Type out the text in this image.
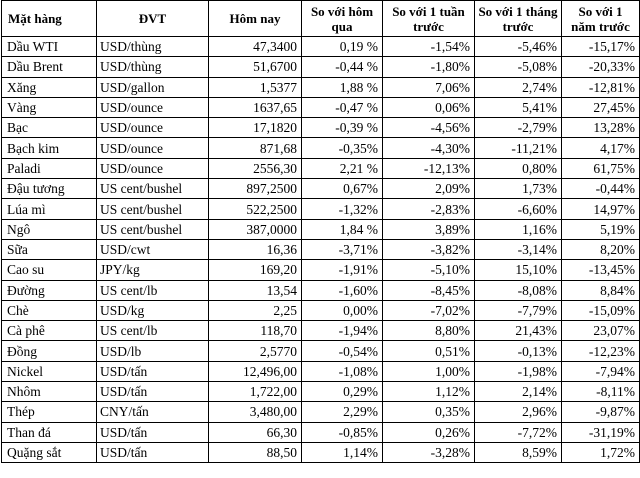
Mặt hàng	ĐVT	Hôm nay	So với hôm qua	So với 1 tuần trước	So với 1 tháng trước	So với 1 năm trước
Dầu WTI	USD/thùng	47,3400	0,19 %	-1,54%	-5,46%	-15,17%
Dầu Brent	USD/thùng	51,6700	-0,44 %	-1,80%	-5,08%	-20,33%
Xăng	USD/gallon	1,5377	1,88 %	7,06%	2,74%	-12,81%
Vàng	USD/ounce	1637,65	-0,47 %	0,06%	5,41%	27,45%
Bạc	USD/ounce	17,1820	-0,39 %	-4,56%	-2,79%	13,28%
Bạch kim	USD/ounce	871,68	-0,35%	-4,30%	-11,21%	4,17%
Paladi	USD/ounce	2556,30	2,21 %	-12,13%	0,80%	61,75%
Đậu tương	US cent/bushel	897,2500	0,67%	2,09%	1,73%	-0,44%
Lúa mì	US cent/bushel	522,2500	-1,32%	-2,83%	-6,60%	14,97%
Ngô	US cent/bushel	387,0000	1,84 %	3,89%	1,16%	5,19%
Sữa	USD/cwt	16,36	-3,71%	-3,82%	-3,14%	8,20%
Cao su	JPY/kg	169,20	-1,91%	-5,10%	15,10%	-13,45%
Đường	US cent/lb	13,54	-1,60%	-8,45%	-8,08%	8,84%
Chè	USD/kg	2,25	0,00%	-7,02%	-7,79%	-15,09%
Cà phê	US cent/lb	118,70	-1,94%	8,80%	21,43%	23,07%
Đồng	USD/lb	2,5770	-0,54%	0,51%	-0,13%	-12,23%
Nickel	USD/tấn	12,496,00	-1,08%	1,00%	-1,98%	-7,94%
Nhôm	USD/tấn	1,722,00	0,29%	1,12%	2,14%	-8,11%
Thép	CNY/tấn	3,480,00	2,29%	0,35%	2,96%	-9,87%
Than đá	USD/tấn	66,30	-0,85%	0,26%	-7,72%	-31,19%
Quặng sắt	USD/tấn	88,50	1,14%	-3,28%	8,59%	1,72%
